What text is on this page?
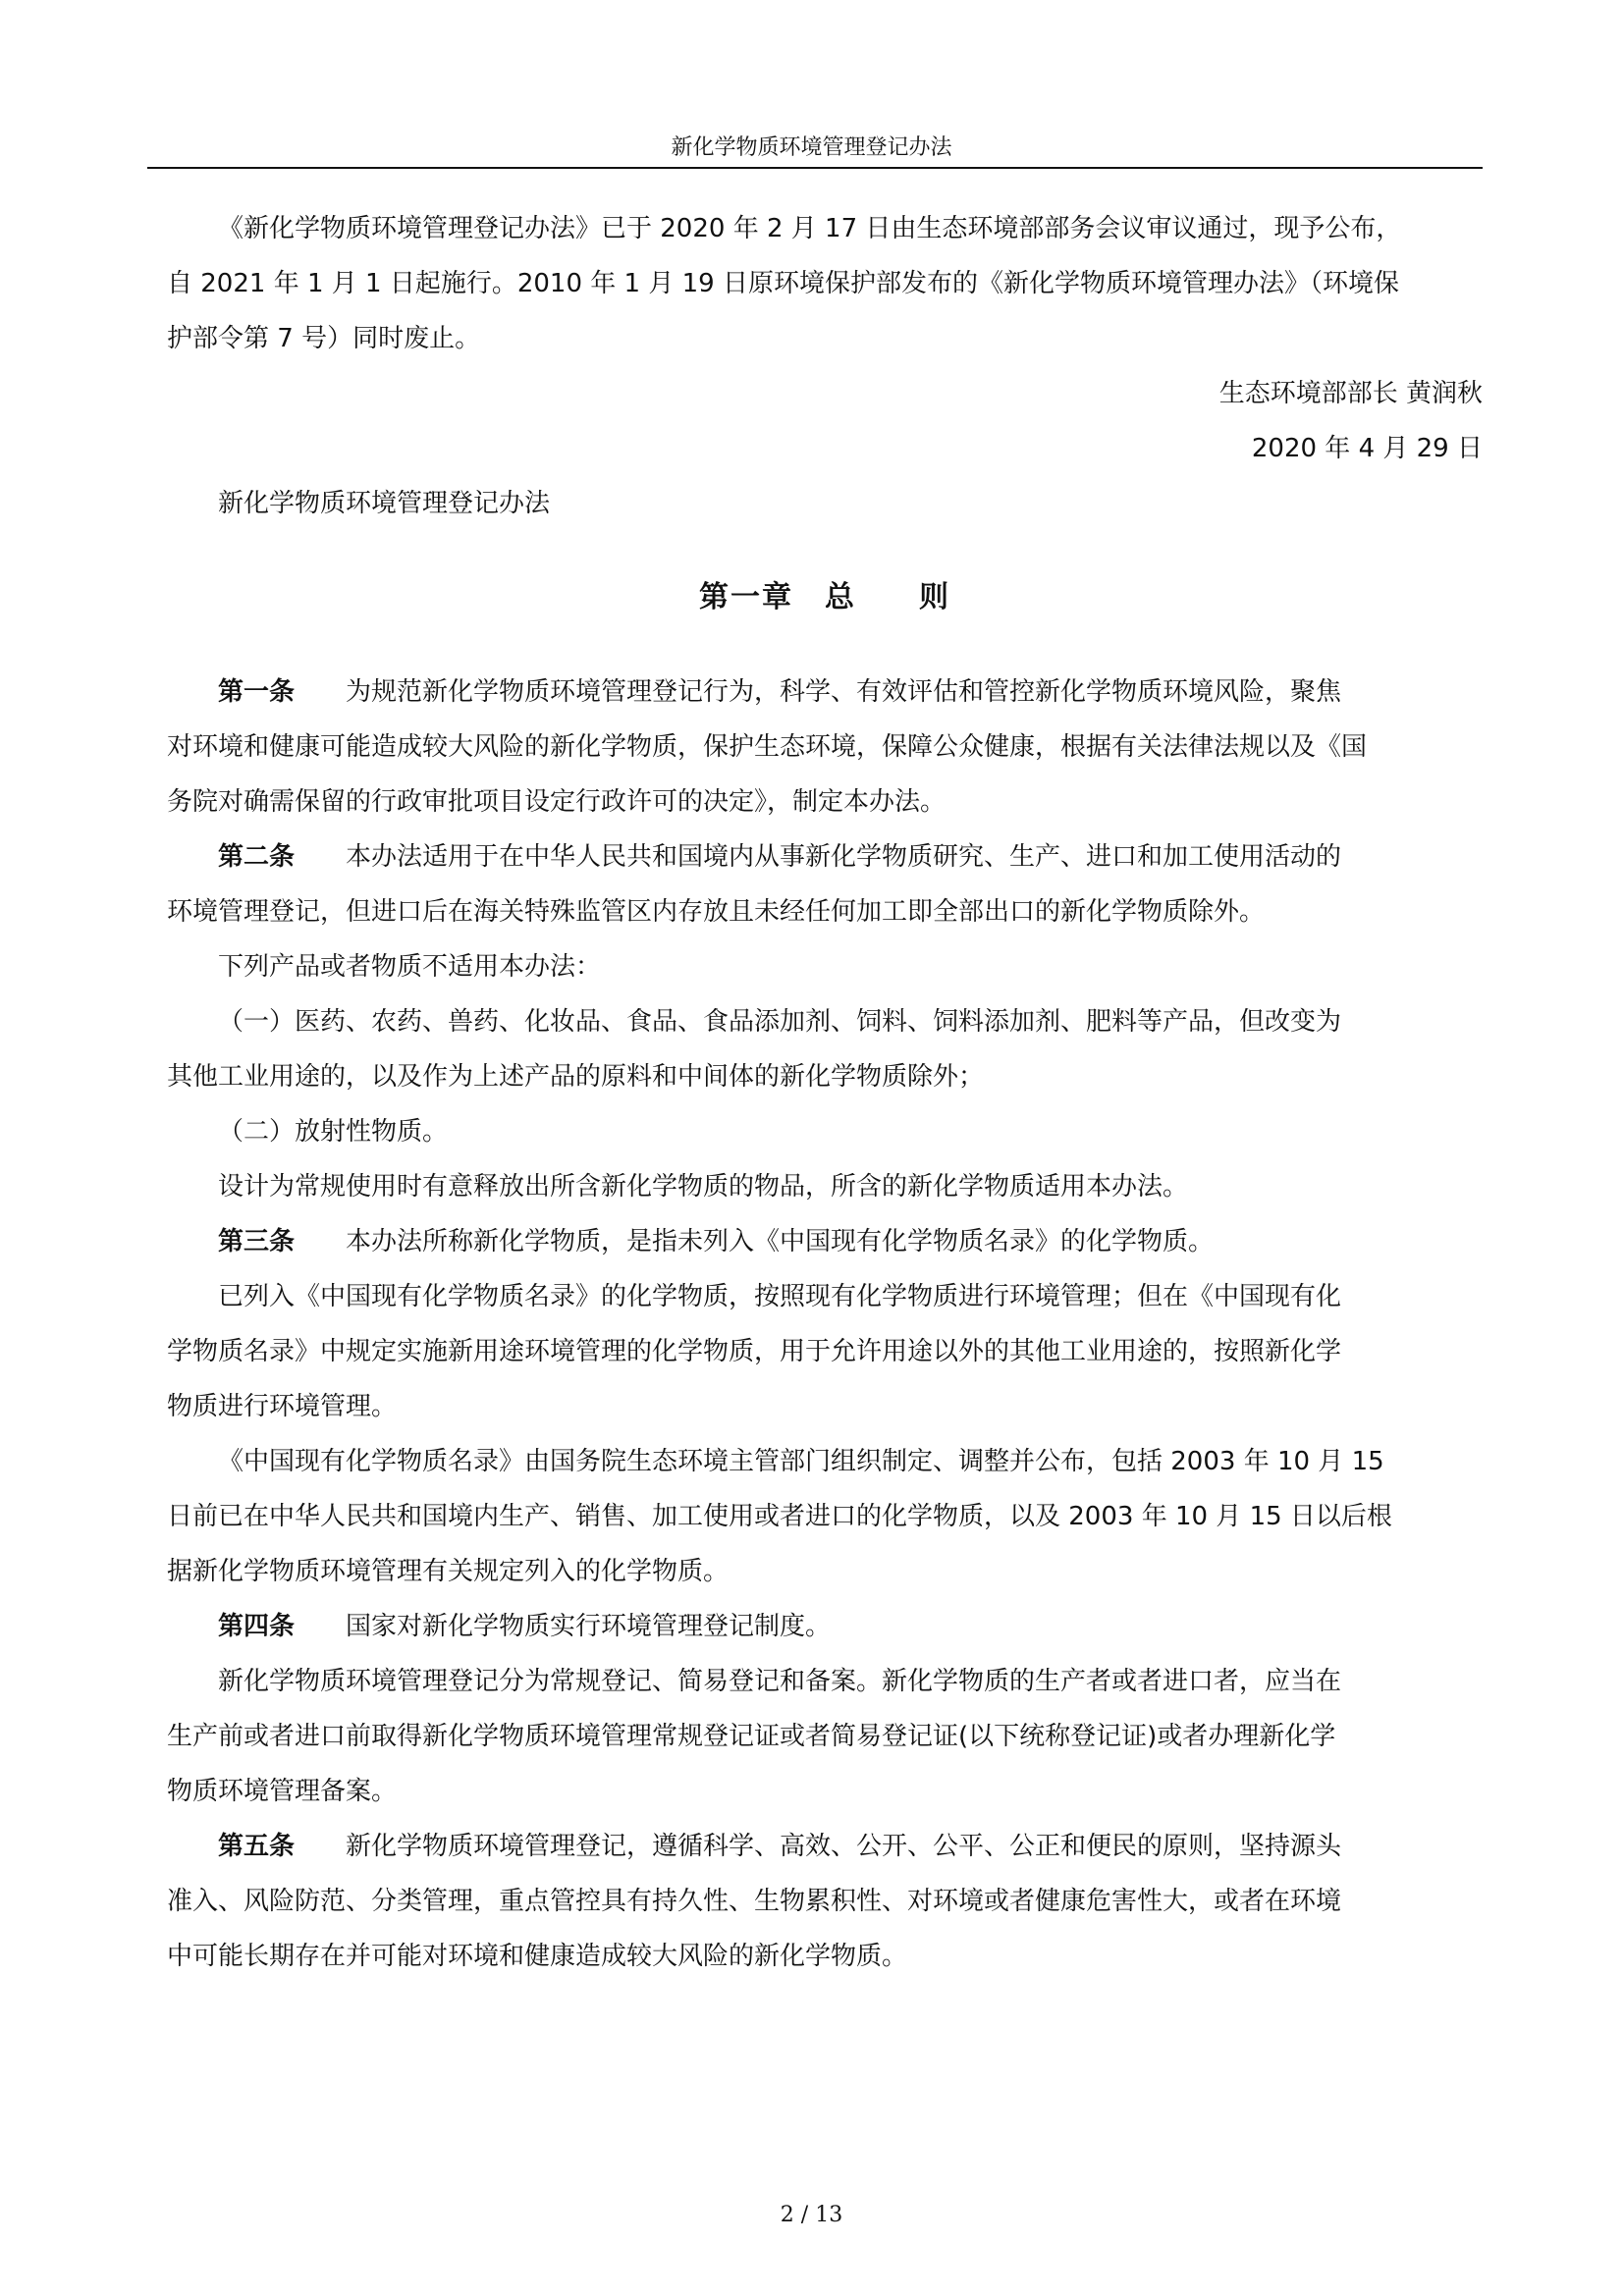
新化学物质环境管理登记办法
《新化学物质环境管理登记办法》已于 2020 年 2 月 17 日由生态环境部部务会议审议通过，现予公布，
自 2021 年 1 月 1 日起施行。2010 年 1 月 19 日原环境保护部发布的《新化学物质环境管理办法》（环境保
护部令第 7 号）同时废止。

生态环境部部长 黄润秋

2020 年 4 月 29 日

新化学物质环境管理登记办法

第一章　总　　则
第一条 为规范新化学物质环境管理登记行为，科学、有效评估和管控新化学物质环境风险，聚焦
对环境和健康可能造成较大风险的新化学物质，保护生态环境，保障公众健康，根据有关法律法规以及《国
务院对确需保留的行政审批项目设定行政许可的决定》，制定本办法。
第二条 本办法适用于在中华人民共和国境内从事新化学物质研究、生产、进口和加工使用活动的
环境管理登记，但进口后在海关特殊监管区内存放且未经任何加工即全部出口的新化学物质除外。
下列产品或者物质不适用本办法：
（一）医药、农药、兽药、化妆品、食品、食品添加剂、饲料、饲料添加剂、肥料等产品，但改变为
其他工业用途的，以及作为上述产品的原料和中间体的新化学物质除外；
（二）放射性物质。
设计为常规使用时有意释放出所含新化学物质的物品，所含的新化学物质适用本办法。
第三条 本办法所称新化学物质，是指未列入《中国现有化学物质名录》的化学物质。
已列入《中国现有化学物质名录》的化学物质，按照现有化学物质进行环境管理；但在《中国现有化
学物质名录》中规定实施新用途环境管理的化学物质，用于允许用途以外的其他工业用途的，按照新化学
物质进行环境管理。
《中国现有化学物质名录》由国务院生态环境主管部门组织制定、调整并公布，包括 2003 年 10 月 15
日前已在中华人民共和国境内生产、销售、加工使用或者进口的化学物质，以及 2003 年 10 月 15 日以后根
据新化学物质环境管理有关规定列入的化学物质。
第四条 国家对新化学物质实行环境管理登记制度。
新化学物质环境管理登记分为常规登记、简易登记和备案。新化学物质的生产者或者进口者，应当在
生产前或者进口前取得新化学物质环境管理常规登记证或者简易登记证(以下统称登记证)或者办理新化学
物质环境管理备案。
第五条 新化学物质环境管理登记，遵循科学、高效、公开、公平、公正和便民的原则，坚持源头
准入、风险防范、分类管理，重点管控具有持久性、生物累积性、对环境或者健康危害性大，或者在环境
中可能长期存在并可能对环境和健康造成较大风险的新化学物质。
2 / 13
